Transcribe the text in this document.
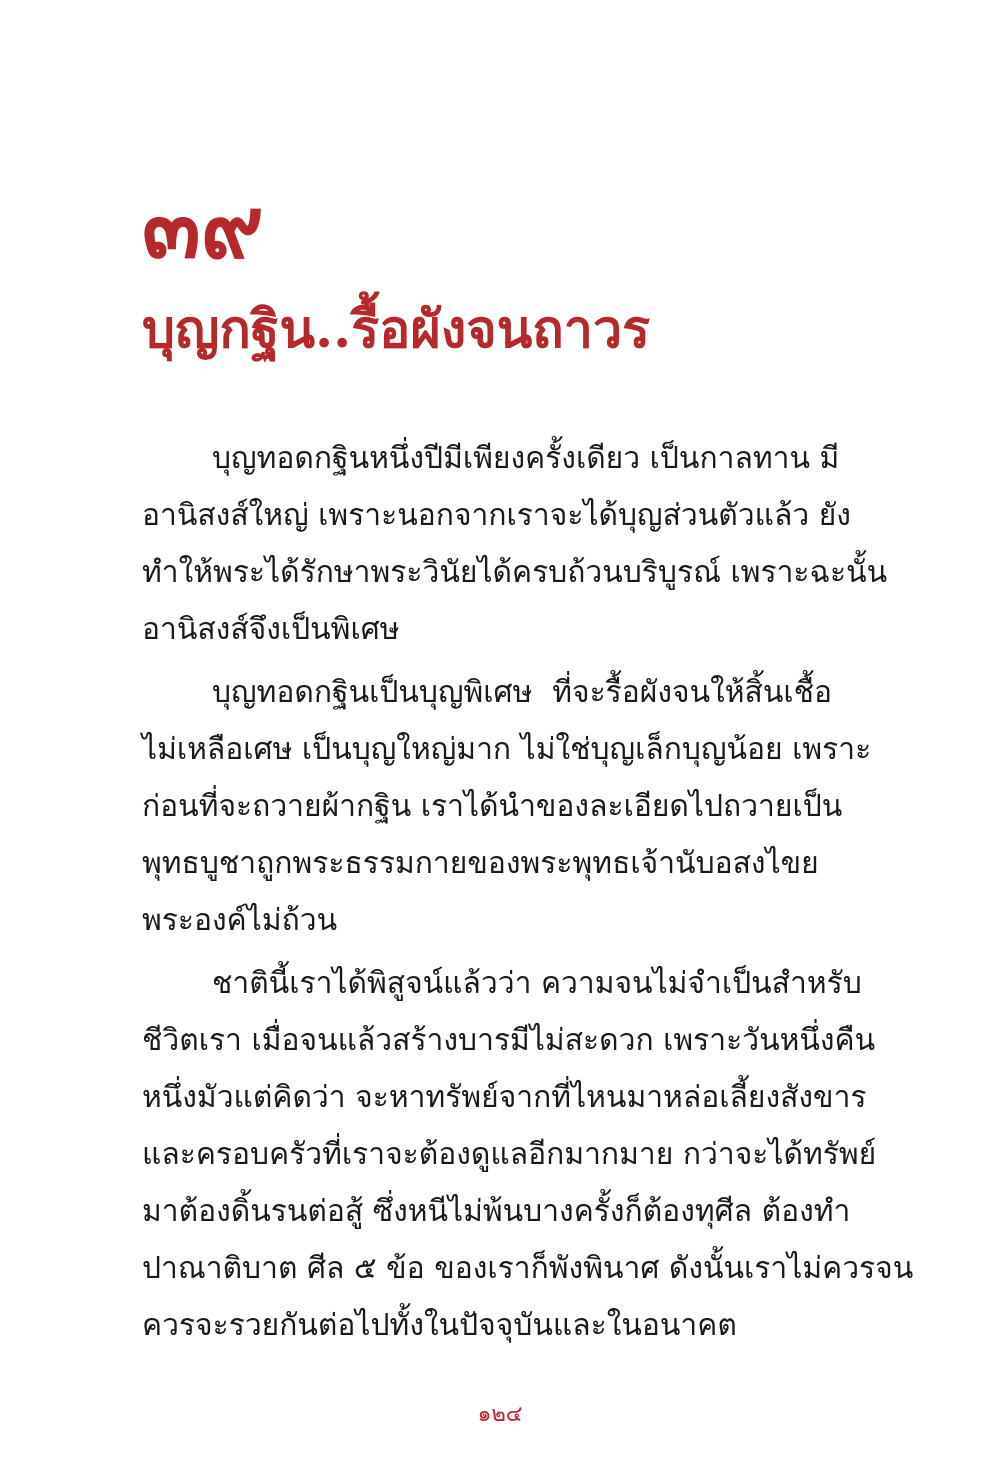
๓๙
บุญกฐิน..รื้อผังจนถาวร

บุญทอดกฐินหนึ่งปีมีเพียงครั้งเดียว เป็นกาลทาน มี
อานิสงส์ใหญ่ เพราะนอกจากเราจะได้บุญส่วนตัวแล้ว ยัง
ทำให้พระได้รักษาพระวินัยได้ครบถ้วนบริบูรณ์ เพราะฉะนั้น
อานิสงส์จึงเป็นพิเศษ

บุญทอดกฐินเป็นบุญพิเศษ ที่จะรื้อผังจนให้สิ้นเชื้อ
ไม่เหลือเศษ เป็นบุญใหญ่มาก ไม่ใช่บุญเล็กบุญน้อย เพราะ
ก่อนที่จะถวายผ้ากฐิน เราได้นำของละเอียดไปถวายเป็น
พุทธบูชาถูกพระธรรมกายของพระพุทธเจ้านับอสงไขย
พระองค์ไม่ถ้วน

ชาตินี้เราได้พิสูจน์แล้วว่า ความจนไม่จำเป็นสำหรับ
ชีวิตเรา เมื่อจนแล้วสร้างบารมีไม่สะดวก เพราะวันหนึ่งคืน
หนึ่งมัวแต่คิดว่า จะหาทรัพย์จากที่ไหนมาหล่อเลี้ยงสังขาร
และครอบครัวที่เราจะต้องดูแลอีกมากมาย กว่าจะได้ทรัพย์
มาต้องดิ้นรนต่อสู้ ซึ่งหนีไม่พ้นบางครั้งก็ต้องทุศีล ต้องทำ
ปาณาติบาต ศีล ๕ ข้อ ของเราก็พังพินาศ ดังนั้นเราไม่ควรจน
ควรจะรวยกันต่อไปทั้งในปัจจุบันและในอนาคต

๑๒๔
